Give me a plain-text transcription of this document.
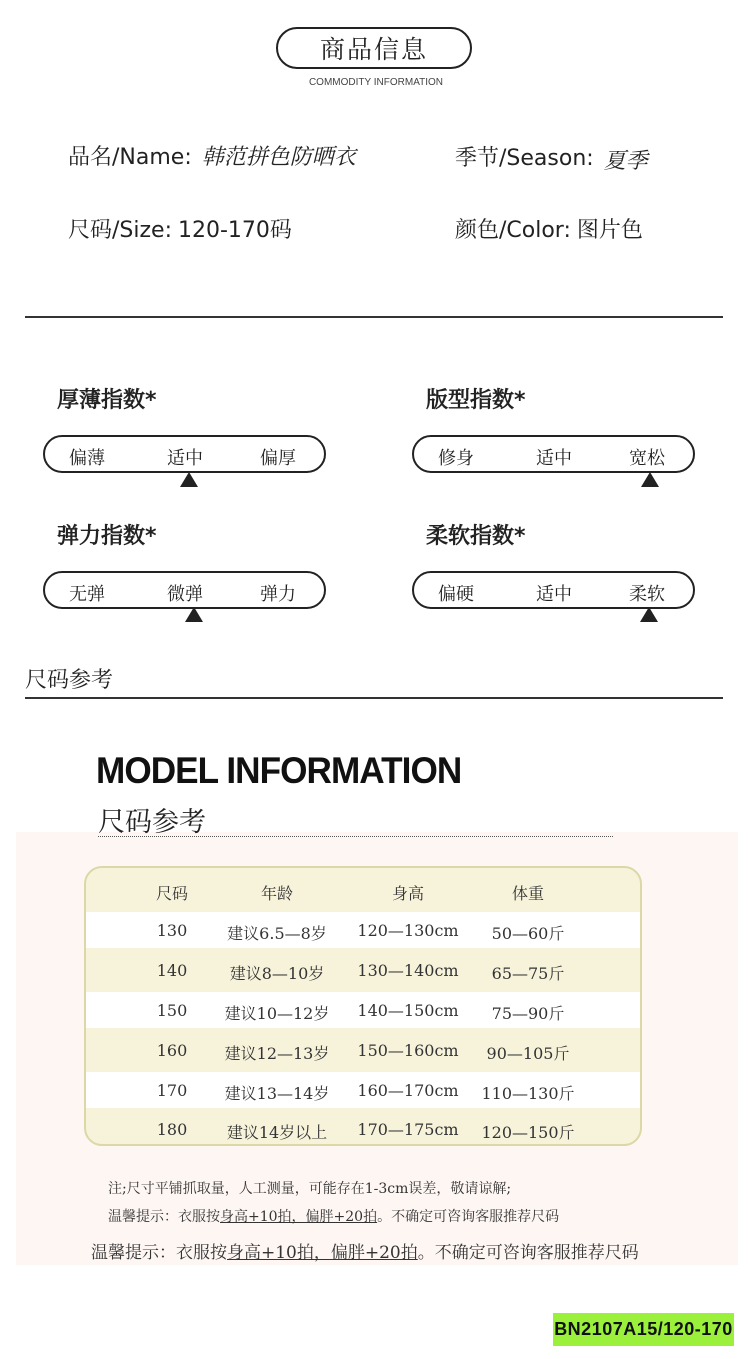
商品信息
COMMODITY INFORMATION
品名/Name: 韩范拼色防晒衣	季节/Season: 夏季
尺码/Size: 120-170码	颜色/Color: 图片色
厚薄指数*
偏薄	适中	偏厚
版型指数*
修身	适中	宽松
弹力指数*
无弹	微弹	弹力
柔软指数*
偏硬	适中	柔软
尺码参考
MODEL INFORMATION
尺码参考
尺码	年龄	身高	体重
130 建议6.5—8岁 120—130cm 50—60斤
140	建议8—10岁 130—140cm 65—75斤
150 建议10—12岁 140—150cm 75—90斤
160 建议12—13岁 150—160cm 90—105斤
170 建议13—14岁 160—170cm 110—130斤
180 建议14岁以上 170—175cm 120—150斤
注;尺寸平铺抓取量，人工测量，可能存在1-3cm误差，敬请谅解;
温馨提示：衣服按身高+10拍，偏胖+20拍。不确定可咨询客服推荐尺码
温馨提示：衣服按身高+10拍，偏胖+20拍。不确定可咨询客服推荐尺码
BN2107A15/120-170
